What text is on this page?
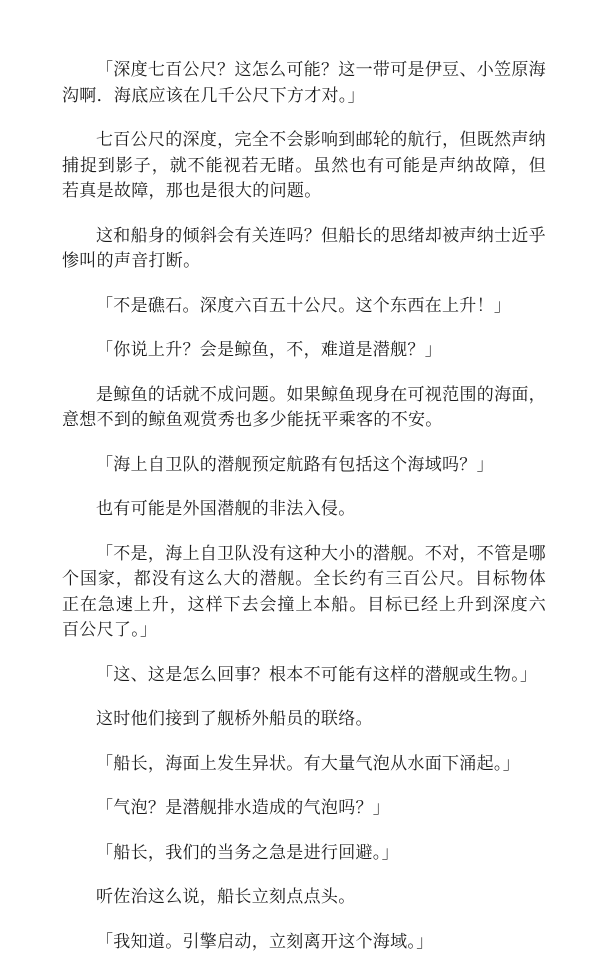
「深度七百公尺？这怎么可能？这一带可是伊豆、小笠原海沟啊．海底应该在几千公尺下方才对。」

七百公尺的深度，完全不会影响到邮轮的航行，但既然声纳捕捉到影子，就不能视若无睹。虽然也有可能是声纳故障，但若真是故障，那也是很大的问题。

这和船身的倾斜会有关连吗？但船长的思绪却被声纳士近乎惨叫的声音打断。

「不是礁石。深度六百五十公尺。这个东西在上升！」

「你说上升？会是鲸鱼，不，难道是潜舰？」

是鲸鱼的话就不成问题。如果鲸鱼现身在可视范围的海面，意想不到的鲸鱼观赏秀也多少能抚平乘客的不安。

「海上自卫队的潜舰预定航路有包括这个海域吗？」

也有可能是外国潜舰的非法入侵。

「不是，海上自卫队没有这种大小的潜舰。不对，不管是哪个国家，都没有这么大的潜舰。全长约有三百公尺。目标物体正在急速上升，这样下去会撞上本船。目标已经上升到深度六百公尺了。」

「这、这是怎么回事？根本不可能有这样的潜舰或生物。」

这时他们接到了舰桥外船员的联络。

「船长，海面上发生异状。有大量气泡从水面下涌起。」

「气泡？是潜舰排水造成的气泡吗？」

「船长，我们的当务之急是进行回避。」

听佐治这么说，船长立刻点点头。

「我知道。引擎启动，立刻离开这个海域。」
